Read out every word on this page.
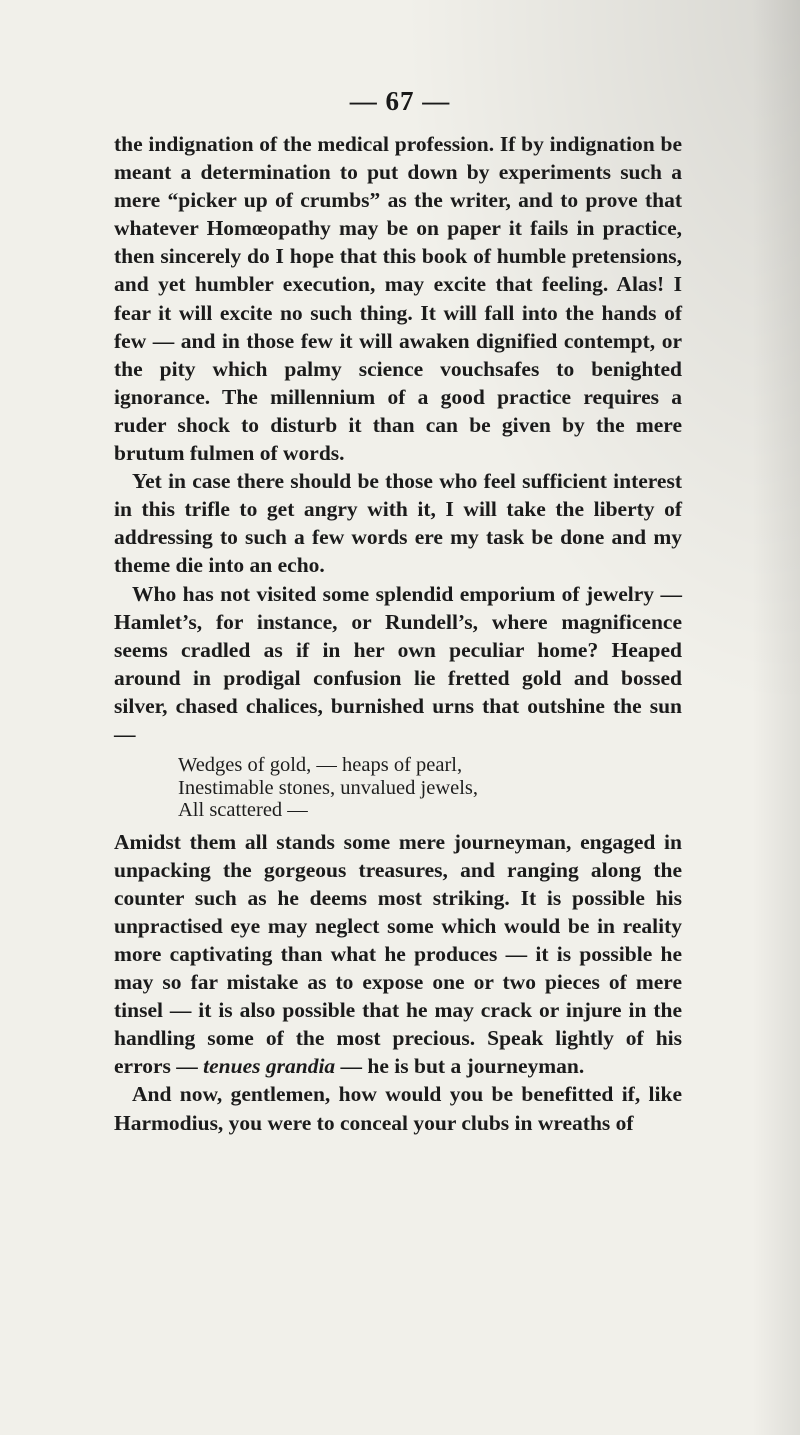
— 67 —

the indignation of the medical profession. If by indignation be meant a determination to put down by experiments such a mere “picker up of crumbs” as the writer, and to prove that whatever Homœopathy may be on paper it fails in practice, then sincerely do I hope that this book of humble pretensions, and yet humbler execution, may excite that feeling. Alas! I fear it will excite no such thing. It will fall into the hands of few — and in those few it will awaken dignified contempt, or the pity which palmy science vouchsafes to benighted ignorance. The millennium of a good practice requires a ruder shock to disturb it than can be given by the mere brutum fulmen of words.

Yet in case there should be those who feel sufficient interest in this trifle to get angry with it, I will take the liberty of addressing to such a few words ere my task be done and my theme die into an echo.

Who has not visited some splendid emporium of jewelry — Hamlet’s, for instance, or Rundell’s, where magnificence seems cradled as if in her own peculiar home? Heaped around in prodigal confusion lie fretted gold and bossed silver, chased chalices, burnished urns that outshine the sun —

Wedges of gold, — heaps of pearl,
Inestimable stones, unvalued jewels,
All scattered —

Amidst them all stands some mere journeyman, engaged in unpacking the gorgeous treasures, and ranging along the counter such as he deems most striking. It is possible his unpractised eye may neglect some which would be in reality more captivating than what he produces — it is possible he may so far mistake as to expose one or two pieces of mere tinsel — it is also possible that he may crack or injure in the handling some of the most precious. Speak lightly of his errors — tenues grandia — he is but a journeyman.

And now, gentlemen, how would you be benefitted if, like Harmodius, you were to conceal your clubs in wreaths of
